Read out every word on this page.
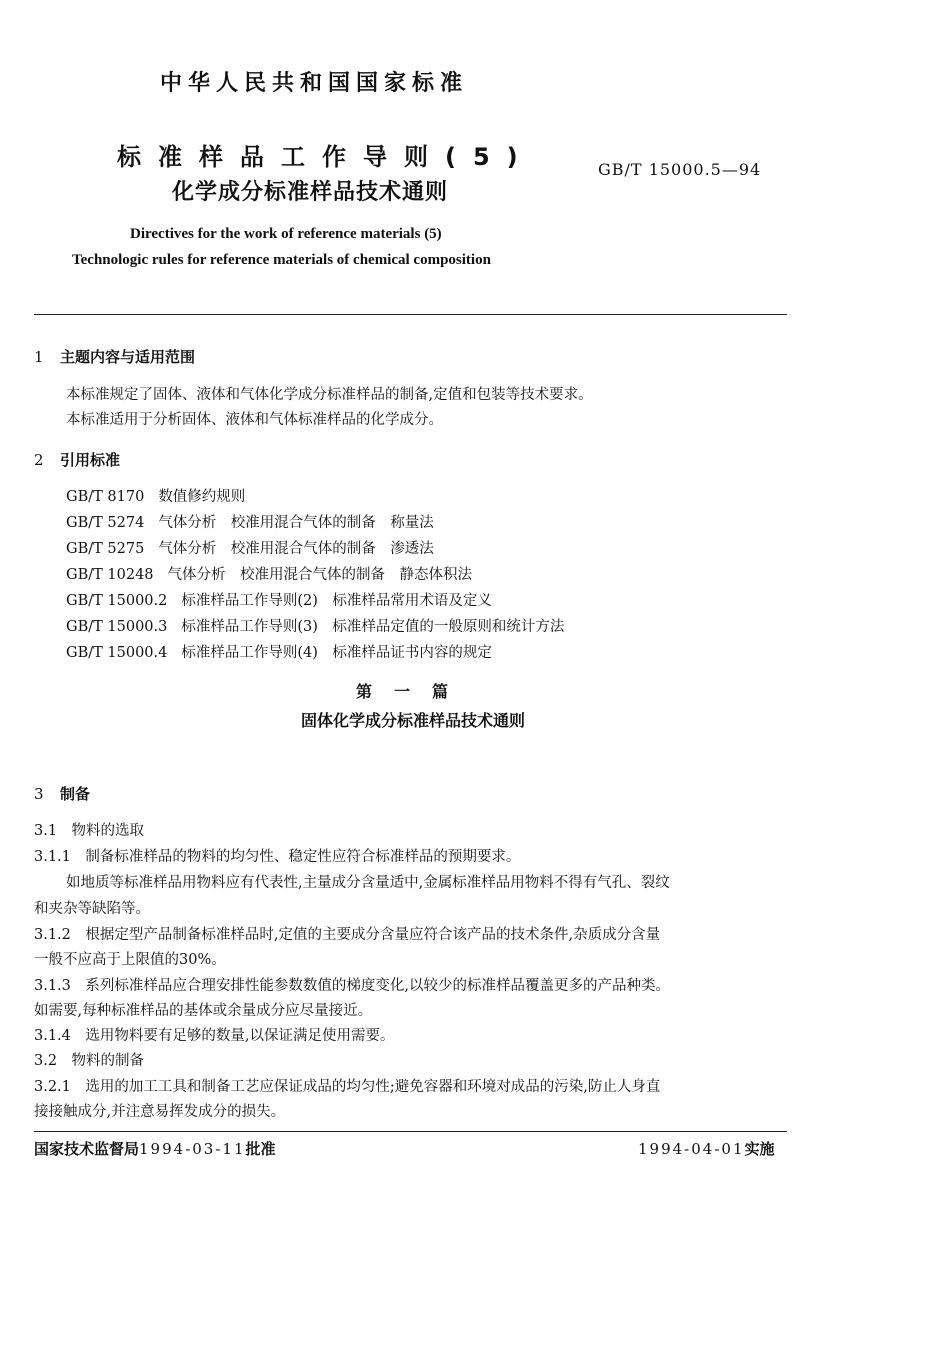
中华人民共和国国家标准
标准样品工作导则(5)
化学成分标准样品技术通则
GB/T 15000.5—94
Directives for the work of reference materials (5)
Technologic rules for reference materials of chemical composition
1 主题内容与适用范围
本标准规定了固体、液体和气体化学成分标准样品的制备,定值和包装等技术要求。
本标准适用于分析固体、液体和气体标准样品的化学成分。
2 引用标准
GB/T 8170 数值修约规则
GB/T 5274 气体分析　校准用混合气体的制备　称量法
GB/T 5275 气体分析　校准用混合气体的制备　渗透法
GB/T 10248 气体分析　校准用混合气体的制备　静态体积法
GB/T 15000.2 标准样品工作导则(2)　标准样品常用术语及定义
GB/T 15000.3 标准样品工作导则(3)　标准样品定值的一般原则和统计方法
GB/T 15000.4 标准样品工作导则(4)　标准样品证书内容的规定
第一篇
固体化学成分标准样品技术通则
3 制备
3.1　物料的选取
3.1.1　制备标准样品的物料的均匀性、稳定性应符合标准样品的预期要求。
如地质等标准样品用物料应有代表性,主量成分含量适中,金属标准样品用物料不得有气孔、裂纹
和夹杂等缺陷等。
3.1.2　根据定型产品制备标准样品时,定值的主要成分含量应符合该产品的技术条件,杂质成分含量
一般不应高于上限值的30%。
3.1.3　系列标准样品应合理安排性能参数数值的梯度变化,以较少的标准样品覆盖更多的产品种类。
如需要,每种标准样品的基体或余量成分应尽量接近。
3.1.4　选用物料要有足够的数量,以保证满足使用需要。
3.2　物料的制备
3.2.1　选用的加工工具和制备工艺应保证成品的均匀性;避免容器和环境对成品的污染,防止人身直
接接触成分,并注意易挥发成分的损失。
国家技术监督局1994-03-11批准	1994-04-01实施
